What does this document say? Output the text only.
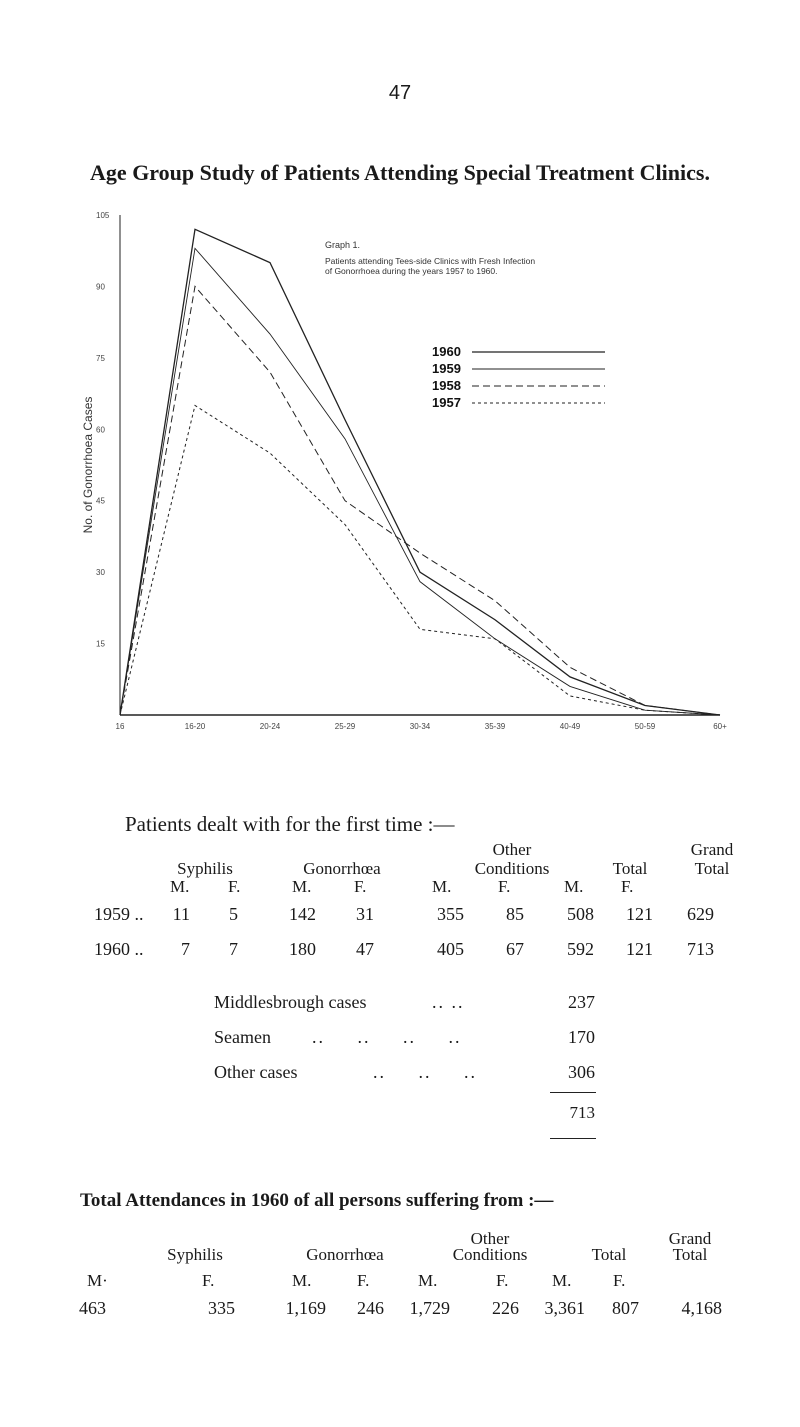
47
Age Group Study of Patients Attending Special Treatment Clinics.
105
90
75
60
45
30
15
No. of Gonorrhoea Cases
16	16-20	20-24	25-29	30-34	35-39	40-49	50-59	60+
Graph 1.
Patients attending Tees-side Clinics with Fresh Infection
of Gonorrhoea during the years 1957 to 1960.
1960
1959
1958
1957
Patients dealt with for the first time :—
Other	Grand
Syphilis	Gonorrhœa	Conditions	Total	Total
M. F.	M.	F.	M.	F.	M. F.
1959 ..	11	5	142	31	355	85	508	121	629
1960 ..	7	7	180	47	405	67	592	121	713
Middlesbrough cases	.. ..	237
Seamen .. .. .. ..	170
Other cases	.. .. ..	306
713
Total Attendances in 1960 of all persons suffering from :—
Other	Grand
Syphilis	Gonorrhœa	Conditions	Total	Total
M·	F.	M.	F.	M.	F.	M. F.
463	335	1,169	246	1,729	226	3,361	807	4,168
